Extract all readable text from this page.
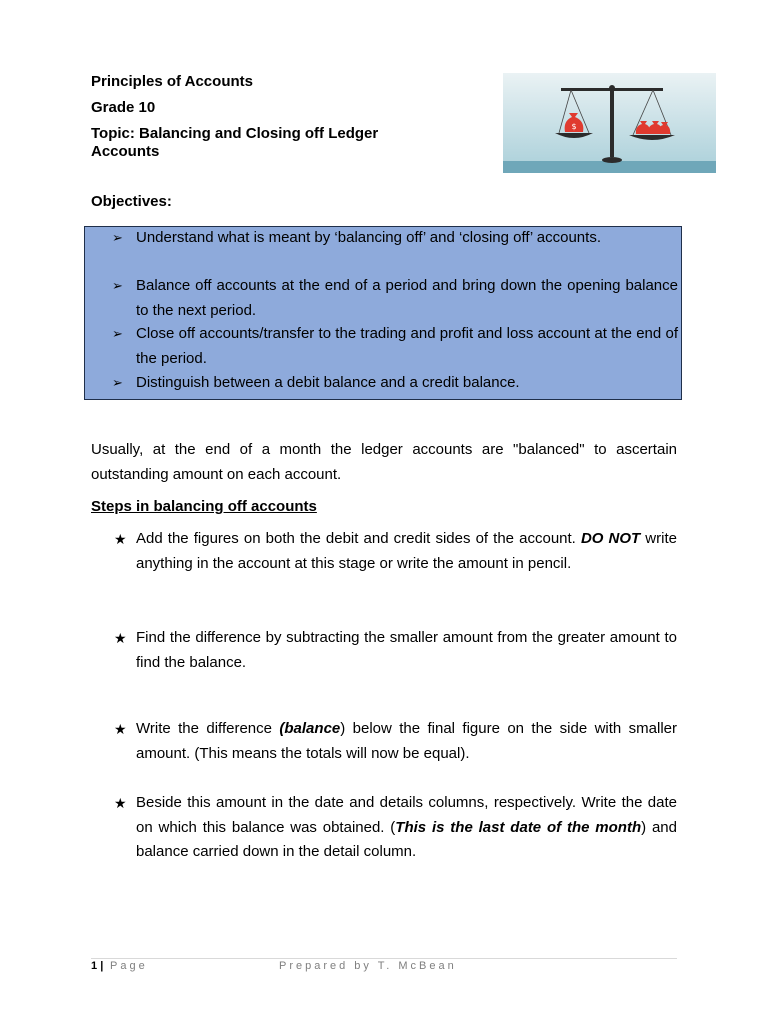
Principles of Accounts
Grade 10
Topic: Balancing and Closing off Ledger
Accounts
$
Objectives:
➢ Understand what is meant by ‘balancing off’ and ‘closing off’ accounts.
➢ Balance off accounts at the end of a period and bring down the opening balance to the next period.
➢ Close off accounts/transfer to the trading and profit and loss account at the end of the period.
➢ Distinguish between a debit balance and a credit balance.
Usually, at the end of a month the ledger accounts are "balanced" to ascertain outstanding amount on each account.
Steps in balancing off accounts
★ Add the figures on both the debit and credit sides of the account. DO NOT write anything in the account at this stage or write the amount in pencil.
★ Find the difference by subtracting the smaller amount from the greater amount to find the balance.
★ Write the difference (balance) below the final figure on the side with smaller amount. (This means the totals will now be equal).
★ Beside this amount in the date and details columns, respectively. Write the date on which this balance was obtained. (This is the last date of the month) and balance carried down in the detail column.
1 | Page	Prepared by T. McBean
